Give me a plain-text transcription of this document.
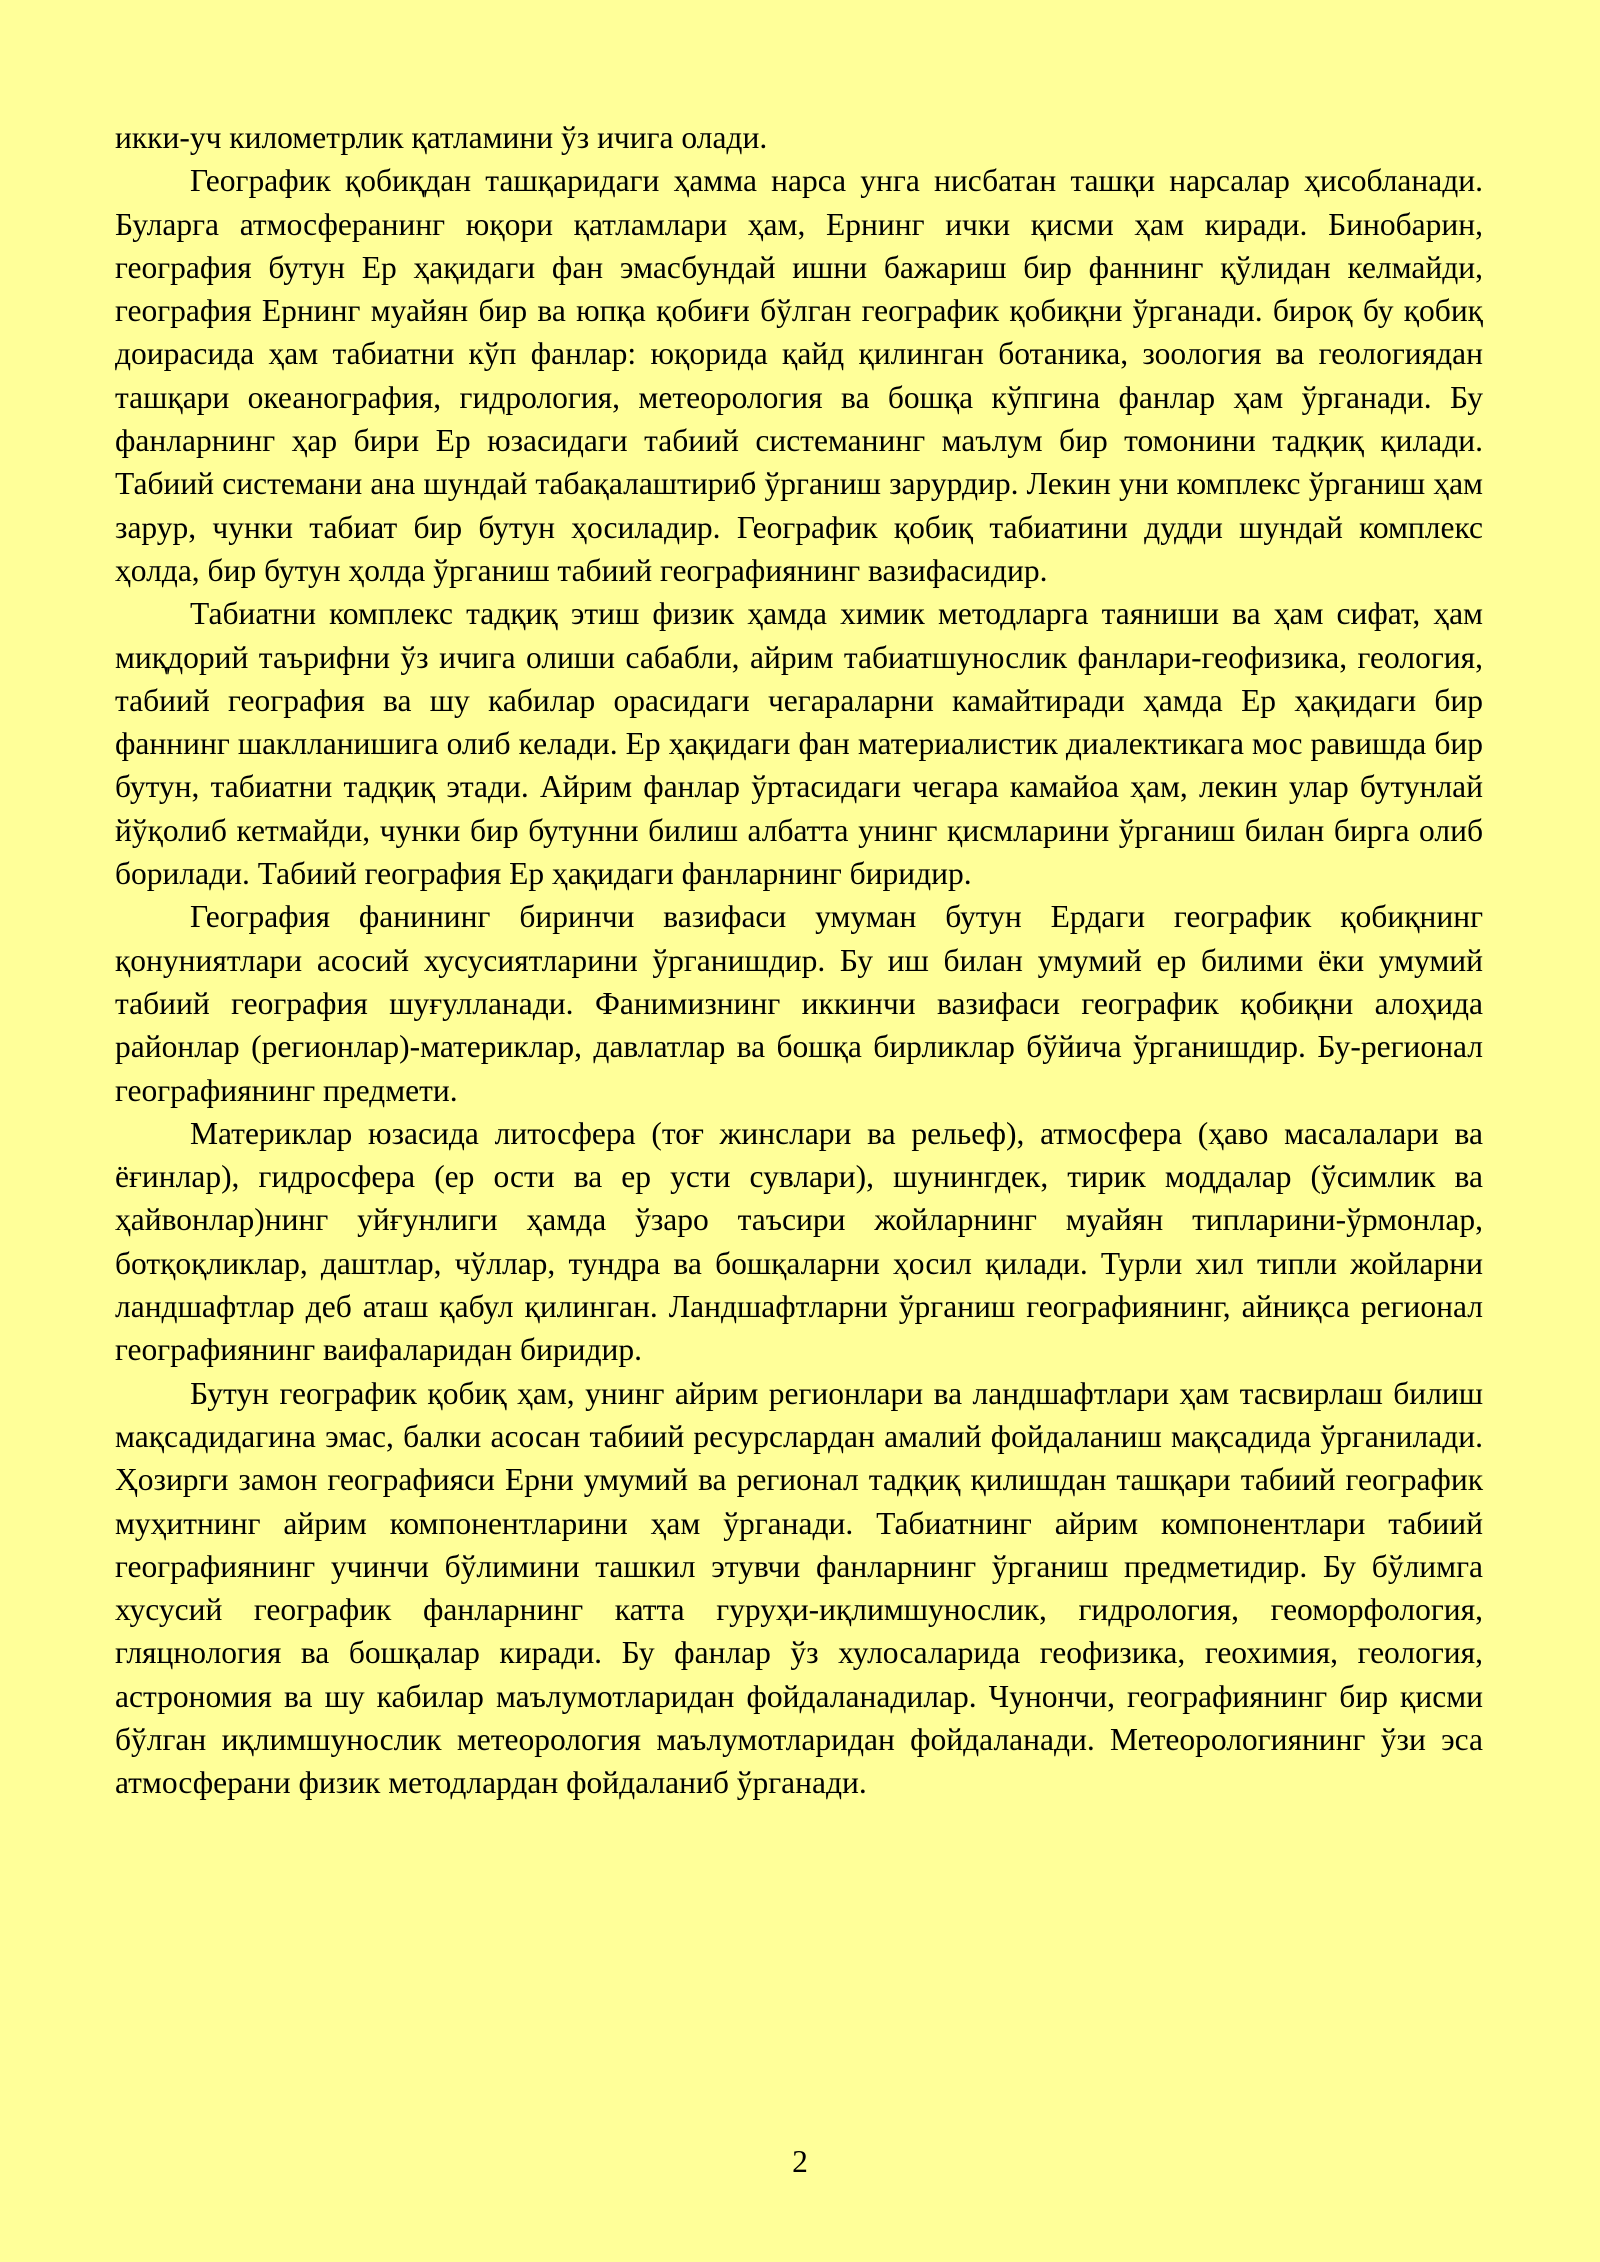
икки-уч километрлик қатламини ўз ичига олади.

Географик қобиқдан ташқаридаги ҳамма нарса унга нисбатан ташқи нарсалар ҳисобланади. Буларга атмосферанинг юқори қатламлари ҳам, Ернинг ички қисми ҳам киради. Бинобарин, география бутун Ер ҳақидаги фан эмасбундай ишни бажариш бир фаннинг қўлидан келмайди, география Ернинг муайян бир ва юпқа қобиғи бўлган географик қобиқни ўрганади. бироқ бу қобиқ доирасида ҳам табиатни кўп фанлар: юқорида қайд қилинган ботаника, зоология ва геологиядан ташқари океанография, гидрология, метеорология ва бошқа кўпгина фанлар ҳам ўрганади. Бу фанларнинг ҳар бири Ер юзасидаги табиий системанинг маълум бир томонини тадқиқ қилади. Табиий системани ана шундай табақалаштириб ўрганиш зарурдир. Лекин уни комплекс ўрганиш ҳам зарур, чунки табиат бир бутун ҳосиладир. Географик қобиқ табиатини дудди шундай комплекс ҳолда, бир бутун ҳолда ўрганиш табиий географиянинг вазифасидир.

Табиатни комплекс тадқиқ этиш физик ҳамда химик методларга таяниши ва ҳам сифат, ҳам миқдорий таърифни ўз ичига олиши сабабли, айрим табиатшунослик фанлари-геофизика, геология, табиий география ва шу кабилар орасидаги чегараларни камайтиради ҳамда Ер ҳақидаги бир фаннинг шаклланишига олиб келади. Ер ҳақидаги фан материалистик диалектикага мос равишда бир бутун, табиатни тадқиқ этади. Айрим фанлар ўртасидаги чегара камайоа ҳам, лекин улар бутунлай йўқолиб кетмайди, чунки бир бутунни билиш албатта унинг қисмларини ўрганиш билан бирга олиб борилади. Табиий география Ер ҳақидаги фанларнинг биридир.

География фанининг биринчи вазифаси умуман бутун Ердаги географик қобиқнинг қонуниятлари асосий хусусиятларини ўрганишдир. Бу иш билан умумий ер билими ёки умумий табиий география шуғулланади. Фанимизнинг иккинчи вазифаси географик қобиқни алоҳида районлар (регионлар)-материклар, давлатлар ва бошқа бирликлар бўйича ўрганишдир. Бу-регионал географиянинг предмети.

Материклар юзасида литосфера (тоғ жинслари ва рельеф), атмосфера (ҳаво масалалари ва ёғинлар), гидросфера (ер ости ва ер усти сувлари), шунингдек, тирик моддалар (ўсимлик ва ҳайвонлар)нинг уйғунлиги ҳамда ўзаро таъсири жойларнинг муайян типларини-ўрмонлар, ботқоқликлар, даштлар, чўллар, тундра ва бошқаларни ҳосил қилади. Турли хил типли жойларни ландшафтлар деб аташ қабул қилинган. Ландшафтларни ўрганиш географиянинг, айниқса регионал географиянинг ваифаларидан биридир.

Бутун географик қобиқ ҳам, унинг айрим регионлари ва ландшафтлари ҳам тасвирлаш билиш мақсадидагина эмас, балки асосан табиий ресурслардан амалий фойдаланиш мақсадида ўрганилади. Ҳозирги замон географияси Ерни умумий ва регионал тадқиқ қилишдан ташқари табиий географик муҳитнинг айрим компонентларини ҳам ўрганади. Табиатнинг айрим компонентлари табиий географиянинг учинчи бўлимини ташкил этувчи фанларнинг ўрганиш предметидир. Бу бўлимга хусусий географик фанларнинг катта гуруҳи-иқлимшунослик, гидрология, геоморфология, гляцнология ва бошқалар киради. Бу фанлар ўз хулосаларида геофизика, геохимия, геология, астрономия ва шу кабилар маълумотларидан фойдаланадилар. Чунончи, географиянинг бир қисми бўлган иқлимшунослик метеорология маълумотларидан фойдаланади. Метеорологиянинг ўзи эса атмосферани физик методлардан фойдаланиб ўрганади.

2
